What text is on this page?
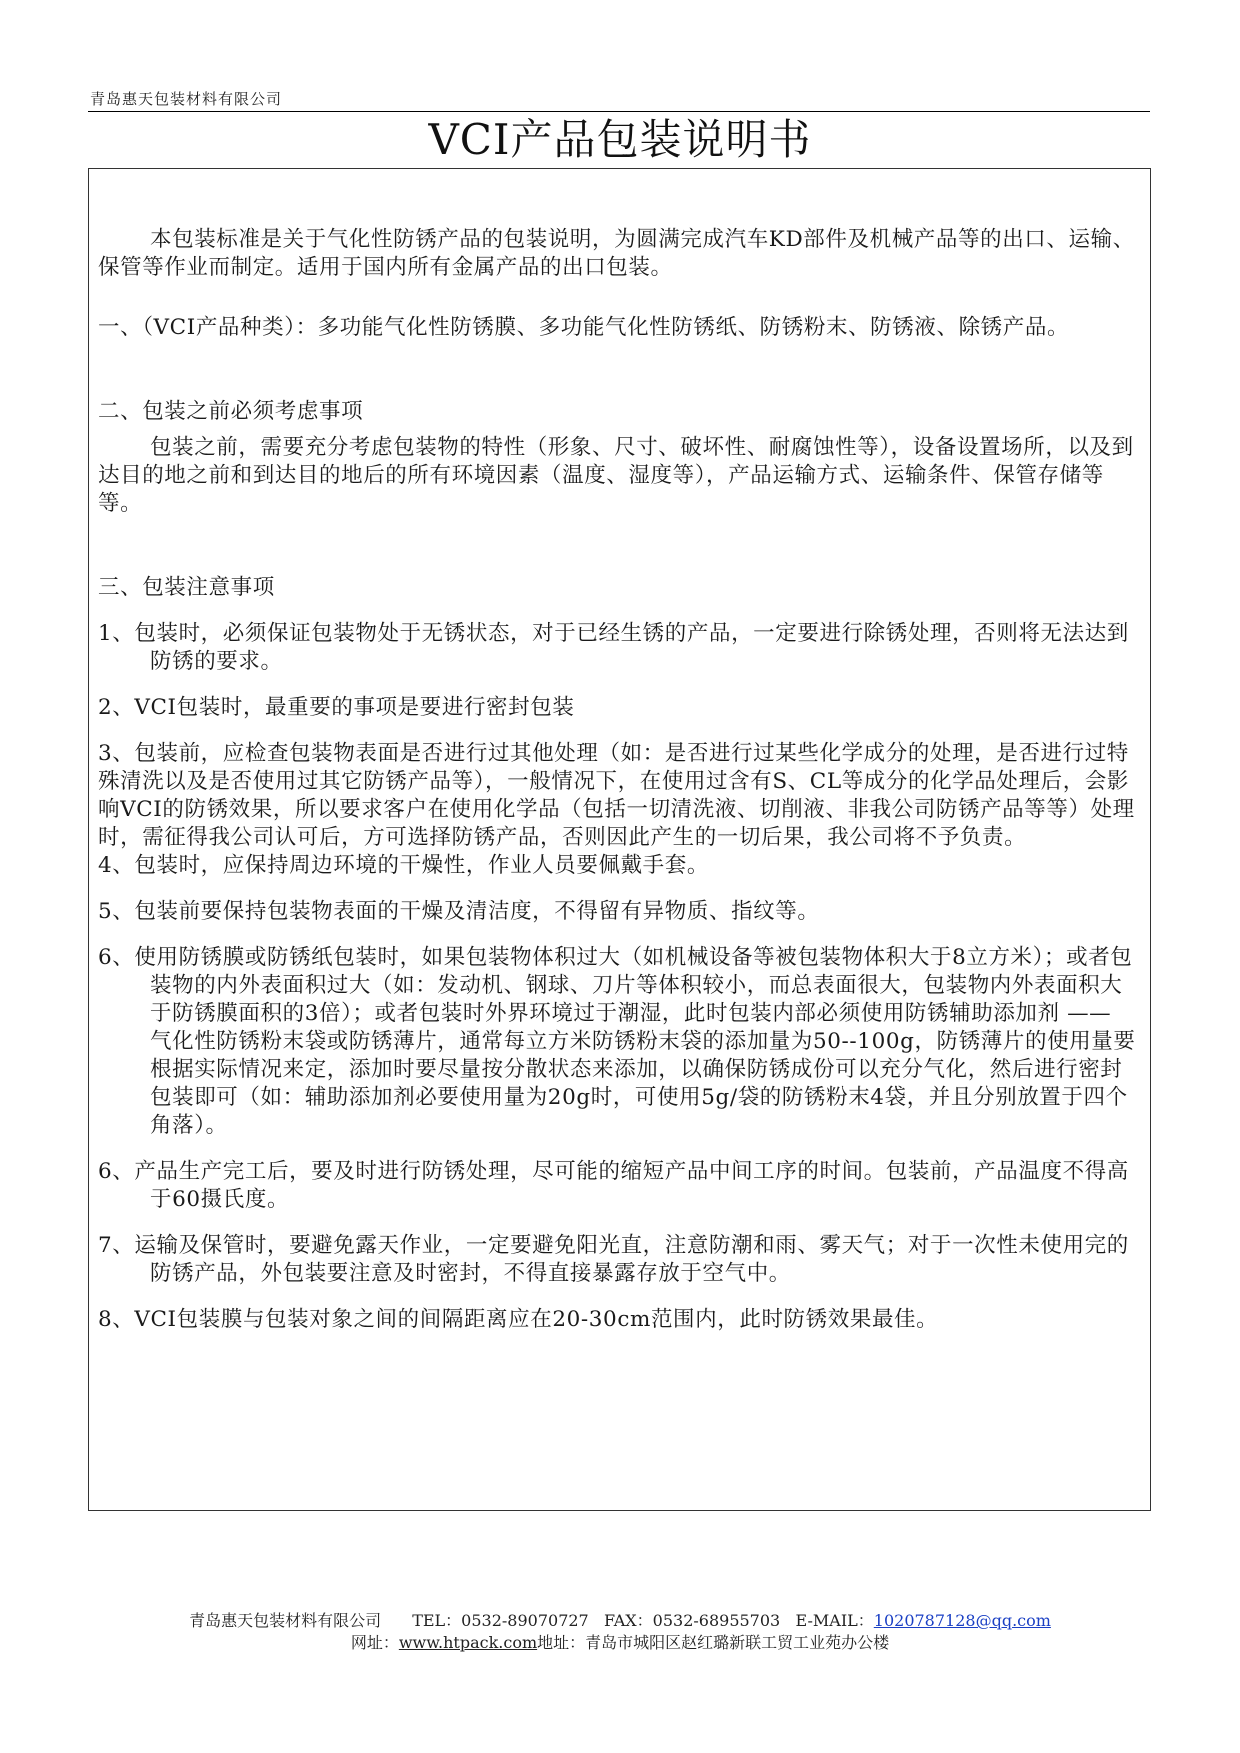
青岛惠天包装材料有限公司
VCI产品包装说明书

本包装标准是关于气化性防锈产品的包装说明，为圆满完成汽车KD部件及机械产品等的出口、运输、保管等作业而制定。适用于国内所有金属产品的出口包装。

一、（VCI产品种类）：多功能气化性防锈膜、多功能气化性防锈纸、防锈粉末、防锈液、除锈产品。

二、包装之前必须考虑事项

包装之前，需要充分考虑包装物的特性（形象、尺寸、破坏性、耐腐蚀性等），设备设置场所，以及到达目的地之前和到达目的地后的所有环境因素（温度、湿度等），产品运输方式、运输条件、保管存储等等。

三、包装注意事项

1、包装时，必须保证包装物处于无锈状态，对于已经生锈的产品，一定要进行除锈处理，否则将无法达到防锈的要求。

2、VCI包装时，最重要的事项是要进行密封包装

3、包装前，应检查包装物表面是否进行过其他处理（如：是否进行过某些化学成分的处理，是否进行过特殊清洗以及是否使用过其它防锈产品等），一般情况下，在使用过含有S、CL等成分的化学品处理后，会影响VCI的防锈效果，所以要求客户在使用化学品（包括一切清洗液、切削液、非我公司防锈产品等等）处理时，需征得我公司认可后，方可选择防锈产品，否则因此产生的一切后果，我公司将不予负责。

4、包装时，应保持周边环境的干燥性，作业人员要佩戴手套。

5、包装前要保持包装物表面的干燥及清洁度，不得留有异物质、指纹等。

6、使用防锈膜或防锈纸包装时，如果包装物体积过大（如机械设备等被包装物体积大于8立方米）；或者包装物的内外表面积过大（如：发动机、钢球、刀片等体积较小，而总表面很大，包装物内外表面积大于防锈膜面积的3倍）；或者包装时外界环境过于潮湿，此时包装内部必须使用防锈辅助添加剂 —— 气化性防锈粉末袋或防锈薄片，通常每立方米防锈粉末袋的添加量为50--100g，防锈薄片的使用量要根据实际情况来定，添加时要尽量按分散状态来添加，以确保防锈成份可以充分气化，然后进行密封包装即可（如：辅助添加剂必要使用量为20g时，可使用5g/袋的防锈粉末4袋，并且分别放置于四个角落）。

6、产品生产完工后，要及时进行防锈处理，尽可能的缩短产品中间工序的时间。包装前，产品温度不得高于60摄氏度。

7、运输及保管时，要避免露天作业，一定要避免阳光直，注意防潮和雨、雾天气；对于一次性未使用完的防锈产品，外包装要注意及时密封，不得直接暴露存放于空气中。

8、VCI包装膜与包装对象之间的间隔距离应在20-30cm范围内，此时防锈效果最佳。

青岛惠天包装材料有限公司 TEL：0532-89070727 FAX：0532-68955703 E-MAIL：1020787128@qq.com
网址：www.htpack.com地址：青岛市城阳区赵红璐新联工贸工业苑办公楼
